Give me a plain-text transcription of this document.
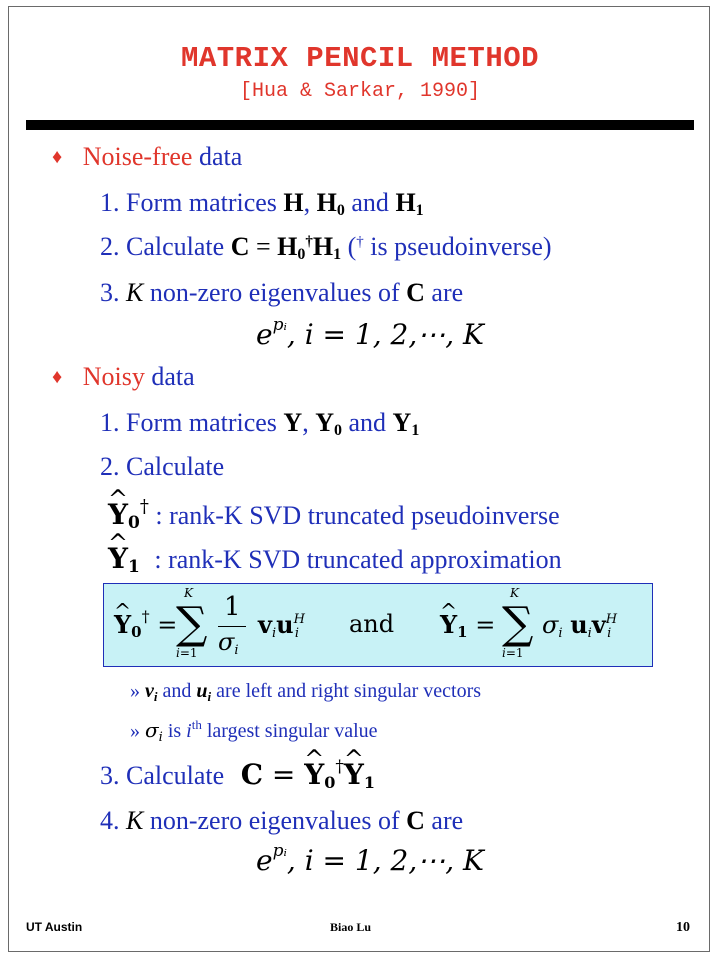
MATRIX PENCIL METHOD
[Hua & Sarkar, 1990]
♦ Noise-free data
1. Form matrices H, $H_0$ and $H_1$
2. Calculate $C = H_0^\dagger H_1$ († is pseudoinverse)
3. K non-zero eigenvalues of C are
$e^{pᵢ}$, i = 1, 2,⋯, K
♦ Noisy data
1. Form matrices Y, $Y_0$ and $Y_1$
2. Calculate
^ $Y_0^\dagger$ : rank-K SVD truncated pseudoinverse
^ $Y_1$ : rank-K SVD truncated approximation
^ $Y_0^\dagger$ =
K
∑
i=1
1
$\sigma_i$
$v_iu^H_i$ and
^ $Y_1$ =
K
∑
i=1
$\sigma_i$ $u_iv^H_i$
» $v_i$ and $u_i$ are left and right singular vectors
» $\sigma_i$ is $i^{th}$ largest singular value
3. Calculate C = ^ $Y_0^\dagger\^{}$ $Y_1$
4. K non-zero eigenvalues of C are
$e^{pᵢ}$, i = 1, 2,⋯, K
UT Austin	Biao Lu	10
